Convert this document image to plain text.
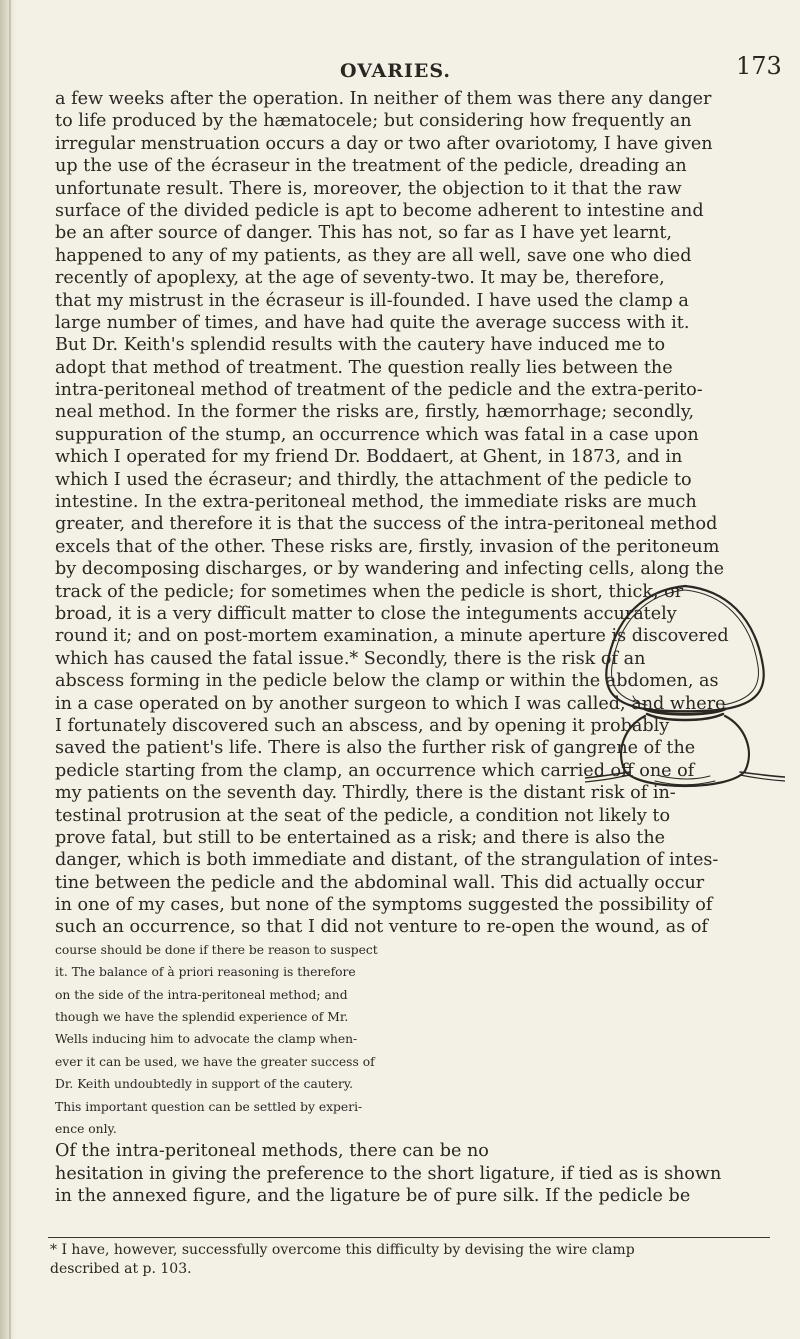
OVARIES.	173
a few weeks after the operation. In neither of them was there any danger
to life produced by the hæmatocele; but considering how frequently an
irregular menstruation occurs a day or two after ovariotomy, I have given
up the use of the écraseur in the treatment of the pedicle, dreading an
unfortunate result. There is, moreover, the objection to it that the raw
surface of the divided pedicle is apt to become adherent to intestine and
be an after source of danger. This has not, so far as I have yet learnt,
happened to any of my patients, as they are all well, save one who died
recently of apoplexy, at the age of seventy-two. It may be, therefore,
that my mistrust in the écraseur is ill-founded. I have used the clamp a
large number of times, and have had quite the average success with it.
But Dr. Keith's splendid results with the cautery have induced me to
adopt that method of treatment. The question really lies between the
intra-peritoneal method of treatment of the pedicle and the extra-perito-
neal method. In the former the risks are, firstly, hæmorrhage; secondly,
suppuration of the stump, an occurrence which was fatal in a case upon
which I operated for my friend Dr. Boddaert, at Ghent, in 1873, and in
which I used the écraseur; and thirdly, the attachment of the pedicle to
intestine. In the extra-peritoneal method, the immediate risks are much
greater, and therefore it is that the success of the intra-peritoneal method
excels that of the other. These risks are, firstly, invasion of the peritoneum
by decomposing discharges, or by wandering and infecting cells, along the
track of the pedicle; for sometimes when the pedicle is short, thick, or
broad, it is a very difficult matter to close the integuments accurately
round it; and on post-mortem examination, a minute aperture is discovered
which has caused the fatal issue.* Secondly, there is the risk of an
abscess forming in the pedicle below the clamp or within the abdomen, as
in a case operated on by another surgeon to which I was called, and where
I fortunately discovered such an abscess, and by opening it probably
saved the patient's life. There is also the further risk of gangrene of the
pedicle starting from the clamp, an occurrence which carried off one of
my patients on the seventh day. Thirdly, there is the distant risk of in-
testinal protrusion at the seat of the pedicle, a condition not likely to
prove fatal, but still to be entertained as a risk; and there is also the
danger, which is both immediate and distant, of the strangulation of intes-
tine between the pedicle and the abdominal wall. This did actually occur
in one of my cases, but none of the symptoms suggested the possibility of
such an occurrence, so that I did not venture to re-open the wound, as of
course should be done if there be reason to suspect
it. The balance of à priori reasoning is therefore
on the side of the intra-peritoneal method; and
though we have the splendid experience of Mr.
Wells inducing him to advocate the clamp when-
ever it can be used, we have the greater success of
Dr. Keith undoubtedly in support of the cautery.
This important question can be settled by experi-
ence only.
Of the intra-peritoneal methods, there can be no
hesitation in giving the preference to the short ligature, if tied as is shown
in the annexed figure, and the ligature be of pure silk. If the pedicle be
* I have, however, successfully overcome this difficulty by devising the wire clamp
described at p. 103.
